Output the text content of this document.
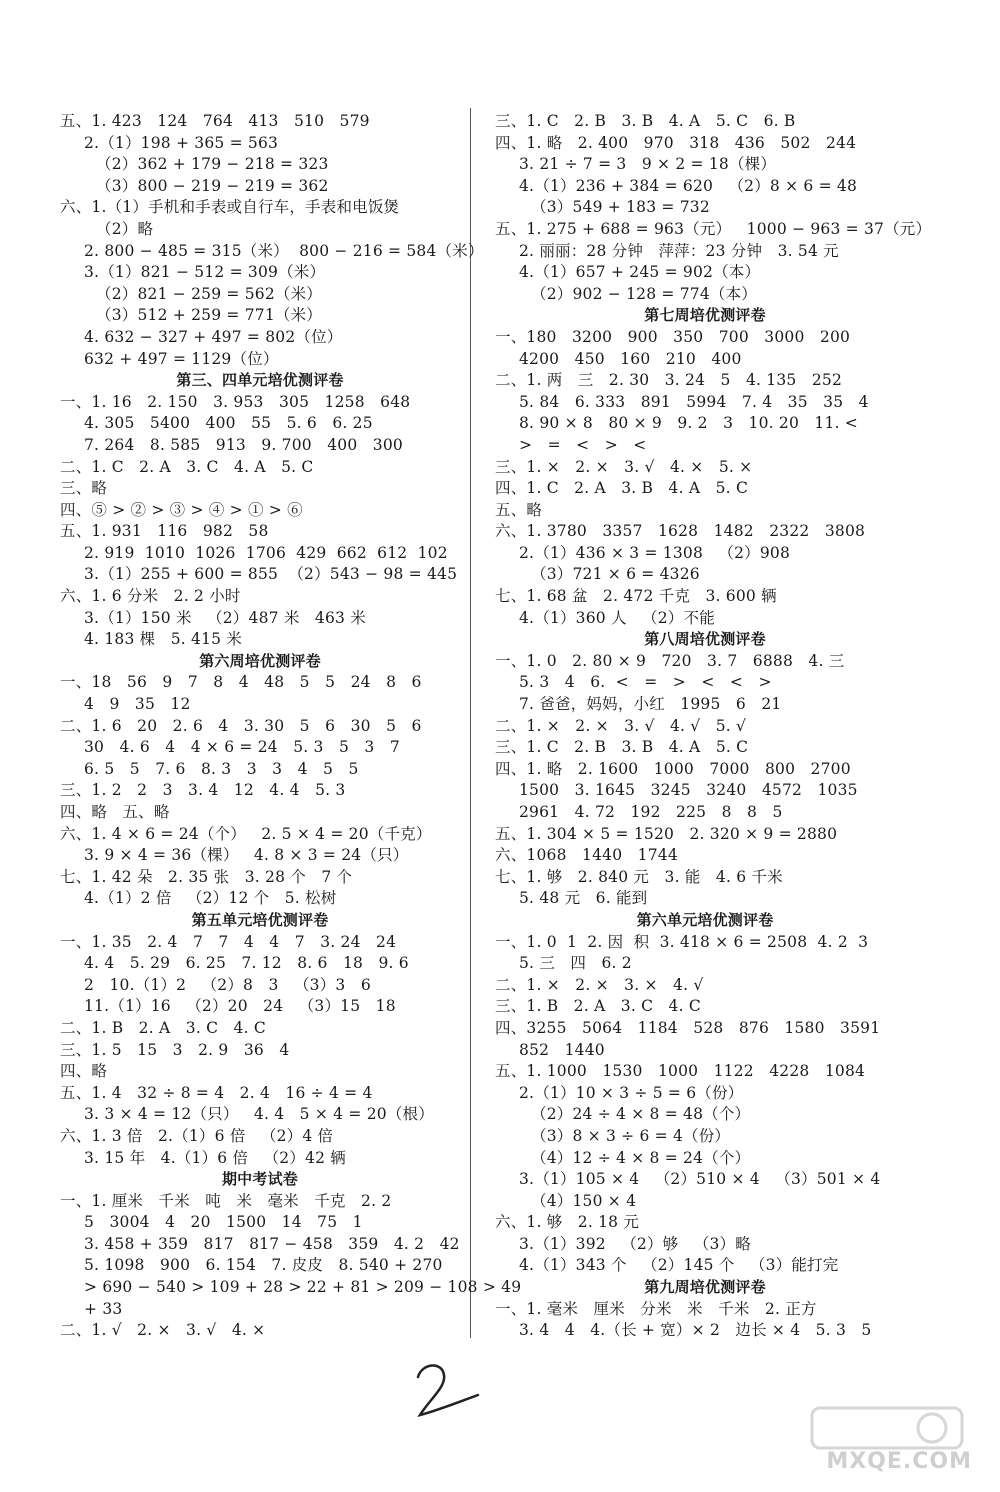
五、1. 423   124   764   413   510   579
2.（1）198 + 365 = 563
（2）362 + 179 − 218 = 323
（3）800 − 219 − 219 = 362
六、1.（1）手机和手表或自行车，手表和电饭煲
（2）略
2. 800 − 485 = 315（米）  800 − 216 = 584（米）
3.（1）821 − 512 = 309（米）
（2）821 − 259 = 562（米）
（3）512 + 259 = 771（米）
4. 632 − 327 + 497 = 802（位）
632 + 497 = 1129（位）
第三、四单元培优测评卷
一、1. 16   2. 150   3. 953   305   1258   648
4. 305   5400   400   55   5. 6   6. 25
7. 264   8. 585   913   9. 700   400   300
二、1. C   2. A   3. C   4. A   5. C
三、略
四、⑤ > ② > ③ > ④ > ① > ⑥
五、1. 931   116   982   58
2. 919  1010  1026  1706  429  662  612  102
3.（1）255 + 600 = 855  （2）543 − 98 = 445
六、1. 6 分米   2. 2 小时
3.（1）150 米   （2）487 米   463 米
4. 183 棵   5. 415 米
第六周培优测评卷
一、18   56   9   7   8   4   48   5   5   24   8   6
4   9   35   12
二、1. 6   20   2. 6   4   3. 30   5   6   30   5   6
30   4. 6   4   4 × 6 = 24   5. 3   5   3   7
6. 5   5   7. 6   8. 3   3   3   4   5   5
三、1. 2   2   3   3. 4   12   4. 4   5. 3
四、略   五、略
六、1. 4 × 6 = 24（个）   2. 5 × 4 = 20（千克）
3. 9 × 4 = 36（棵）   4. 8 × 3 = 24（只）
七、1. 42 朵   2. 35 张   3. 28 个   7 个
4.（1）2 倍   （2）12 个   5. 松树
第五单元培优测评卷
一、1. 35   2. 4   7   7   4   4   7   3. 24   24
4. 4   5. 29   6. 25   7. 12   8. 6   18   9. 6
2   10.（1）2   （2）8   3   （3）3   6
11.（1）16   （2）20   24   （3）15   18
二、1. B   2. A   3. C   4. C
三、1. 5   15   3   2. 9   36   4
四、略
五、1. 4   32 ÷ 8 = 4   2. 4   16 ÷ 4 = 4
3. 3 × 4 = 12（只）   4. 4   5 × 4 = 20（根）
六、1. 3 倍   2.（1）6 倍   （2）4 倍
3. 15 年   4.（1）6 倍   （2）42 辆
期中考试卷
一、1. 厘米   千米   吨   米   毫米   千克   2. 2
5   3004   4   20   1500   14   75   1
3. 458 + 359   817   817 − 458   359   4. 2   42
5. 1098   900   6. 154   7. 皮皮   8. 540 + 270
> 690 − 540 > 109 + 28 > 22 + 81 > 209 − 108 > 49
+ 33
二、1. √   2. ×   3. √   4. ×
三、1. C   2. B   3. B   4. A   5. C   6. B
四、1. 略   2. 400   970   318   436   502   244
3. 21 ÷ 7 = 3   9 × 2 = 18（棵）
4.（1）236 + 384 = 620   （2）8 × 6 = 48
（3）549 + 183 = 732
五、1. 275 + 688 = 963（元）   1000 − 963 = 37（元）
2. 丽丽：28 分钟   萍萍：23 分钟   3. 54 元
4.（1）657 + 245 = 902（本）
（2）902 − 128 = 774（本）
第七周培优测评卷
一、180   3200   900   350   700   3000   200
4200   450   160   210   400
二、1. 两   三   2. 30   3. 24   5   4. 135   252
5. 84   6. 333   891   5994   7. 4   35   35   4
8. 90 × 8   80 × 9   9. 2   3   10. 20   11. <
>   =   <   >   <
三、1. ×   2. ×   3. √   4. ×   5. ×
四、1. C   2. A   3. B   4. A   5. C
五、略
六、1. 3780   3357   1628   1482   2322   3808
2.（1）436 × 3 = 1308   （2）908
（3）721 × 6 = 4326
七、1. 68 盆   2. 472 千克   3. 600 辆
4.（1）360 人   （2）不能
第八周培优测评卷
一、1. 0   2. 80 × 9   720   3. 7   6888   4. 三
5. 3   4   6.  <   =   >   <   <   >
7. 爸爸，妈妈，小红   1995   6   21
二、1. ×   2. ×   3. √   4. √   5. √
三、1. C   2. B   3. B   4. A   5. C
四、1. 略   2. 1600   1000   7000   800   2700
1500   3. 1645   3245   3240   4572   1035
2961   4. 72   192   225   8   8   5
五、1. 304 × 5 = 1520   2. 320 × 9 = 2880
六、1068   1440   1744
七、1. 够   2. 840 元   3. 能   4. 6 千米
5. 48 元   6. 能到
第六单元培优测评卷
一、1. 0  1  2. 因  积  3. 418 × 6 = 2508  4. 2  3
5. 三   四   6. 2
二、1. ×   2. ×   3. ×   4. √
三、1. B   2. A   3. C   4. C
四、3255   5064   1184   528   876   1580   3591
852   1440
五、1. 1000   1530   1000   1122   4228   1084
2.（1）10 × 3 ÷ 5 = 6（份）
（2）24 ÷ 4 × 8 = 48（个）
（3）8 × 3 ÷ 6 = 4（份）
（4）12 ÷ 4 × 8 = 24（个）
3.（1）105 × 4   （2）510 × 4   （3）501 × 4
（4）150 × 4
六、1. 够   2. 18 元
3.（1）392   （2）够   （3）略
4.（1）343 个   （2）145 个   （3）能打完
第九周培优测评卷
一、1. 毫米   厘米   分米   米   千米   2. 正方
3. 4   4   4.（长 + 宽）× 2   边长 × 4   5. 3   5
MXQE.COM
